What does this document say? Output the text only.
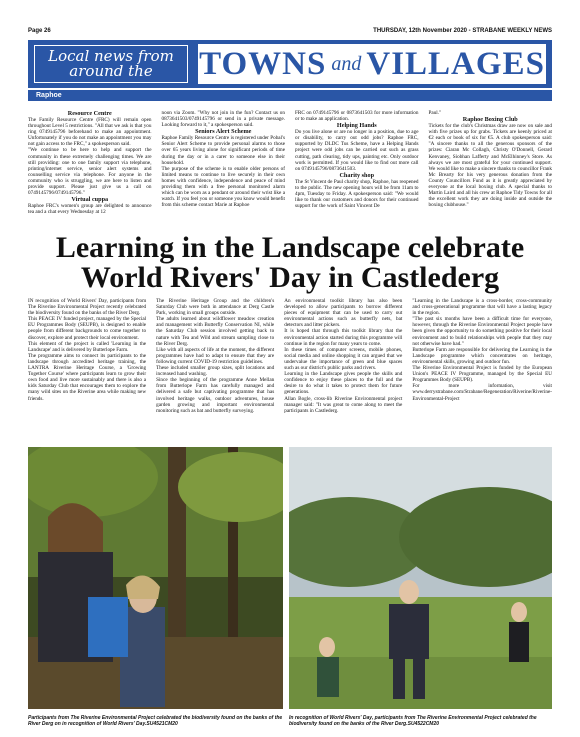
Page 26	THURSDAY, 12th November 2020 - STRABANE WEEKLY NEWS
Local news from
around the	TOWNS and VILLAGES
Raphoe
Resource Centre

The Family Resource Centre (FRC) will remain open throughout Level 5 restrictions. "All that we ask is that you ring 0749145796 beforehand to make an appointment. Unfortunately if you do not make an appointment you may not gain access to the FRC," a spokesperson said.

"We continue to be here to help and support the community in these extremely challenging times. We are still providing: one to one family support via telephone, printing/internet service, senior alert systems and counselling service via telephone. For anyone in the community who is struggling, we are here to listen and provide support. Please just give us a call on 0749145796/0749145796."

Virtual cuppa

Raphoe FRC's women's group are delighted to announce tea and a chat every Wednesday at 12

noon via Zoom. "Why not join in the fun? Contact us on 0873641503/0749145796 or send in a private message. Looking forward to it," a spokesperson said.

Seniors Alert Scheme

Raphoe Family Resource Centre is registered under Pobal's Senior Alert Scheme to provide personal alarms to those over 65 years living alone for significant periods of time during the day or in a carer to someone else in their household.

The purpose of the scheme is to enable older persons of limited means to continue to live securely in their own homes with confidence, independence and peace of mind providing them with a free personal monitored alarm which can be worn as a pendant or around their wrist like a watch. If you feel you or someone you know would benefit from this scheme contact Marie at Raphoe

FRC on 0749145796 or 0873641503 for more information or to make an application.

Helping Hands

Do you live alone or are no longer in a position, due to age or disability, to carry out odd jobs? Raphoe FRC, supported by DLDC Tus Scheme, have a Helping Hands project were odd jobs can be carried out such as grass cutting, path clearing, tidy ups, painting etc. Only outdoor work is permitted. If you would like to find out more call on 0749145796/0873641503.

Charity shop

The St Vincent de Paul charity shop, Raphoe, has reopened to the public. The new opening hours will be from 11am to 4pm, Tuesday to Friday. A spokesperson said: "We would like to thank our customers and donors for their continued support for the work of Saint Vincent De

Paul."

Raphoe Boxing Club

Tickets for the club's Christmas draw are now on sale and with five prizes up for grabs. Tickets are keenly priced at €2 each or book of six for €5. A club spokesperson said: "A sincere thanks to all the generous sponsors of the prizes: Ciaran Mc Collagh, Christy O'Donnell, Gerard Kenvaney, Siobhan Lafferty and McElhinney's Store. As always we are most grateful for your continued support. We would like to make a sincere thanks to councillor Frank Mc Brearty for his very generous donation from the County Councillors Fund as it is greatly appreciated by everyone at the local boxing club. A special thanks to Martin Laird and all his crew at Raphoe Tidy Towns for all the excellent work they are doing inside and outside the boxing clubhouse."

Learning in the Landscape celebrate
World Rivers' Day in Castlederg

IN recognition of World Rivers' Day, participants from The Riverine Environmental Project recently celebrated the biodiversity found on the banks of the River Derg.

This PEACE IV funded project, managed by the Special EU Programmes Body (SEUPB), is designed to enable people from different backgrounds to come together to discover, explore and protect their local environment.

This element of the project is called 'Learning in the Landscape' and is delivered by Butterlope Farm.

The programme aims to connect its participants to the landscape through accredited heritage training, the LANTRA Riverine Heritage Course, a 'Growing Together Course' where participants learn to grow their own food and live more sustainably and there is also a kids Saturday Club that encourages them to explore the many wild sites on the Riverine area while making new friends.

The Riverine Heritage Group and the children's Saturday Club were both in attendance at Derg Castle Park, working in small groups outside.

The adults learned about wildflower meadow creation and management with Butterfly Conservation NI, while the Saturday Club session involved getting back to nature with Tea and Wild and stream sampling close to the River Derg.

Like with all aspects of life at the moment, the different programmes have had to adapt to ensure that they are following current COVID-19 restriction guidelines.

These included smaller group sizes, split locations and increased hand washing.

Since the beginning of the programme Anne Mellan from Butterlope Farm has carefully managed and delivered a safe but captivating programme that has involved heritage walks, outdoor adventures, house garden growing and important environmental monitoring such as bat and butterfly surveying.

An environmental toolkit library has also been developed to allow participants to borrow different pieces of equipment that can be used to carry out environmental actions such as butterfly nets, bat detectors and litter pickers.

It is hoped that through this toolkit library that the environmental action started during this programme will continue in the region for many years to come.

In these times of computer screens, mobile phones, social media and online shopping it can argued that we undervalue the importance of green and blue spaces such as our district's public parks and rivers.

Learning in the Landscape gives people the skills and confidence to enjoy these places to the full and the desire to do what it takes to protect them for future generations.

Allan Bogle, cross-lib Riverine Environmental project manager said: "It was great to come along to meet the participants in Castlederg.

"Learning in the Landscape is a cross-border, cross-community and cross-generational programme that will have a lasting legacy in the region.

"The past six months have been a difficult time for everyone, however, through the Riverine Environmental Project people have been given the opportunity to do something positive for their local environment and to build relationships with people that they may not otherwise have had."

Butterlope Farm are responsible for delivering the Learning in the Landscape programme which concentrates on heritage, environmental skills, growing and outdoor fun.

The Riverine Environmental Project is funded by the European Union's PEACE IV Programme, managed by the Special EU Programmes Body (SEUPB).

For more information, visit www.derrystrabane.com/Strabane/Regeneration/Riverine/Riverine-Environmental-Project

Participants from The Riverine Environmental Project celebrated the biodiversity found on the banks of the River Derg on in recognition of World Rivers' Day.SU4521CM20
In recognition of World Rivers' Day, participants from The Riverine Environmental Project celebrated the biodiversity found on the banks of the River Derg.SU4522CM20
